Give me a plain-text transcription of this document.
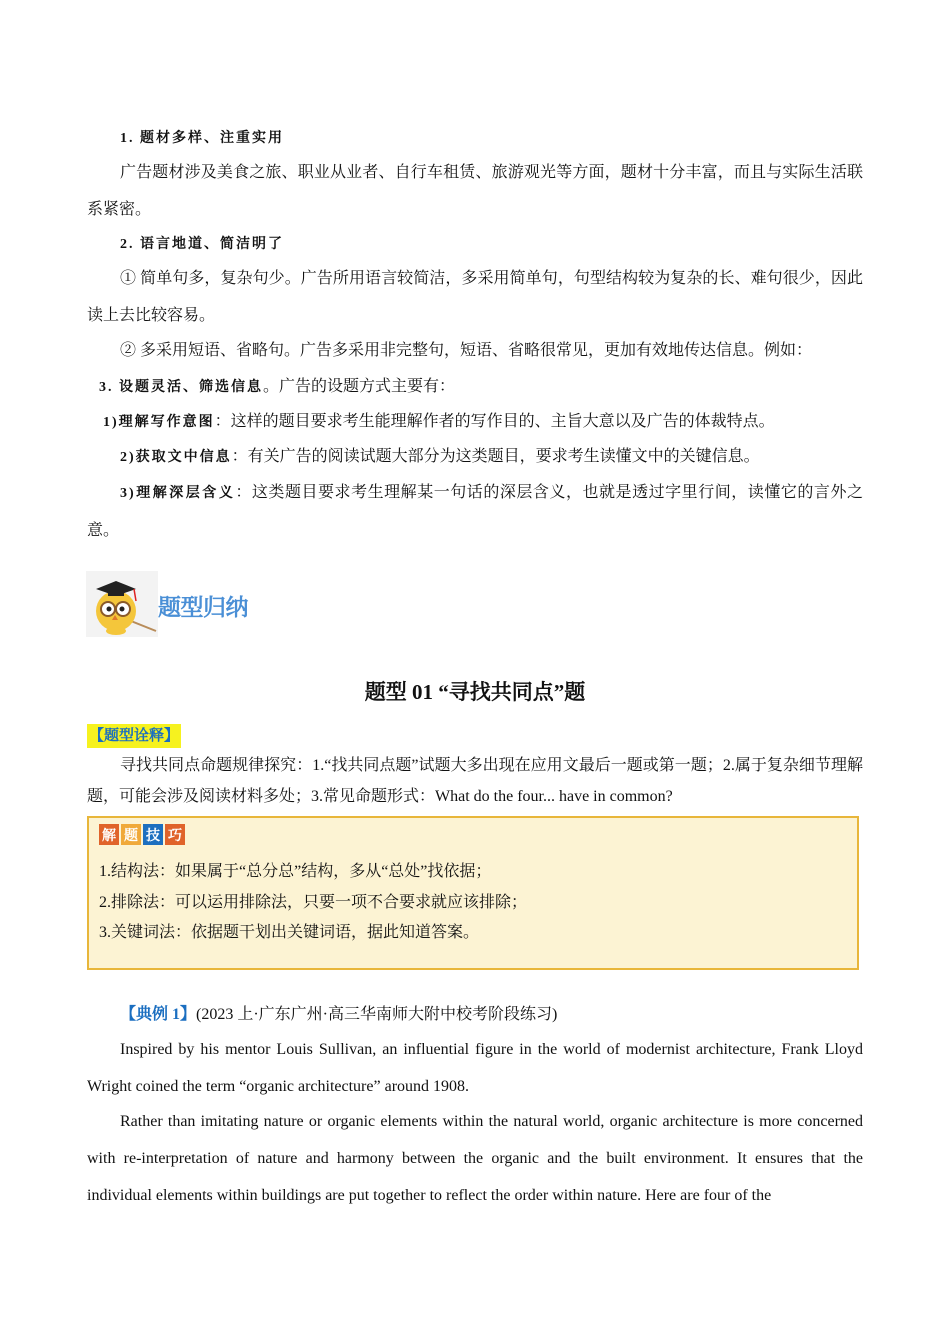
1. 题材多样、注重实用
广告题材涉及美食之旅、职业从业者、自行车租赁、旅游观光等方面，题材十分丰富，而且与实际生活联系紧密。
2. 语言地道、简洁明了
① 简单句多，复杂句少。广告所用语言较简洁，多采用简单句，句型结构较为复杂的长、难句很少，因此读上去比较容易。
② 多采用短语、省略句。广告多采用非完整句，短语、省略很常见，更加有效地传达信息。例如：
3. 设题灵活、筛选信息。广告的设题方式主要有：
1)理解写作意图：这样的题目要求考生能理解作者的写作目的、主旨大意以及广告的体裁特点。
2)获取文中信息：有关广告的阅读试题大部分为这类题目，要求考生读懂文中的关键信息。
3)理解深层含义：这类题目要求考生理解某一句话的深层含义，也就是透过字里行间，读懂它的言外之意。
题型归纳
题型 01 “寻找共同点”题
【题型诠释】
寻找共同点命题规律探究：1.“找共同点题”试题大多出现在应用文最后一题或第一题；2.属于复杂细节理解题，可能会涉及阅读材料多处；3.常见命题形式：What do the four... have in common?
解 题 技 巧
1.结构法：如果属于“总分总”结构，多从“总处”找依据；
2.排除法：可以运用排除法，只要一项不合要求就应该排除；
3.关键词法：依据题干划出关键词语，据此知道答案。
【典例 1】(2023 上·广东广州·高三华南师大附中校考阶段练习)
Inspired by his mentor Louis Sullivan, an influential figure in the world of modernist architecture, Frank Lloyd Wright coined the term “organic architecture” around 1908.
Rather than imitating nature or organic elements within the natural world, organic architecture is more concerned with re-interpretation of nature and harmony between the organic and the built environment. It ensures that the individual elements within buildings are put together to reflect the order within nature. Here are four of the
